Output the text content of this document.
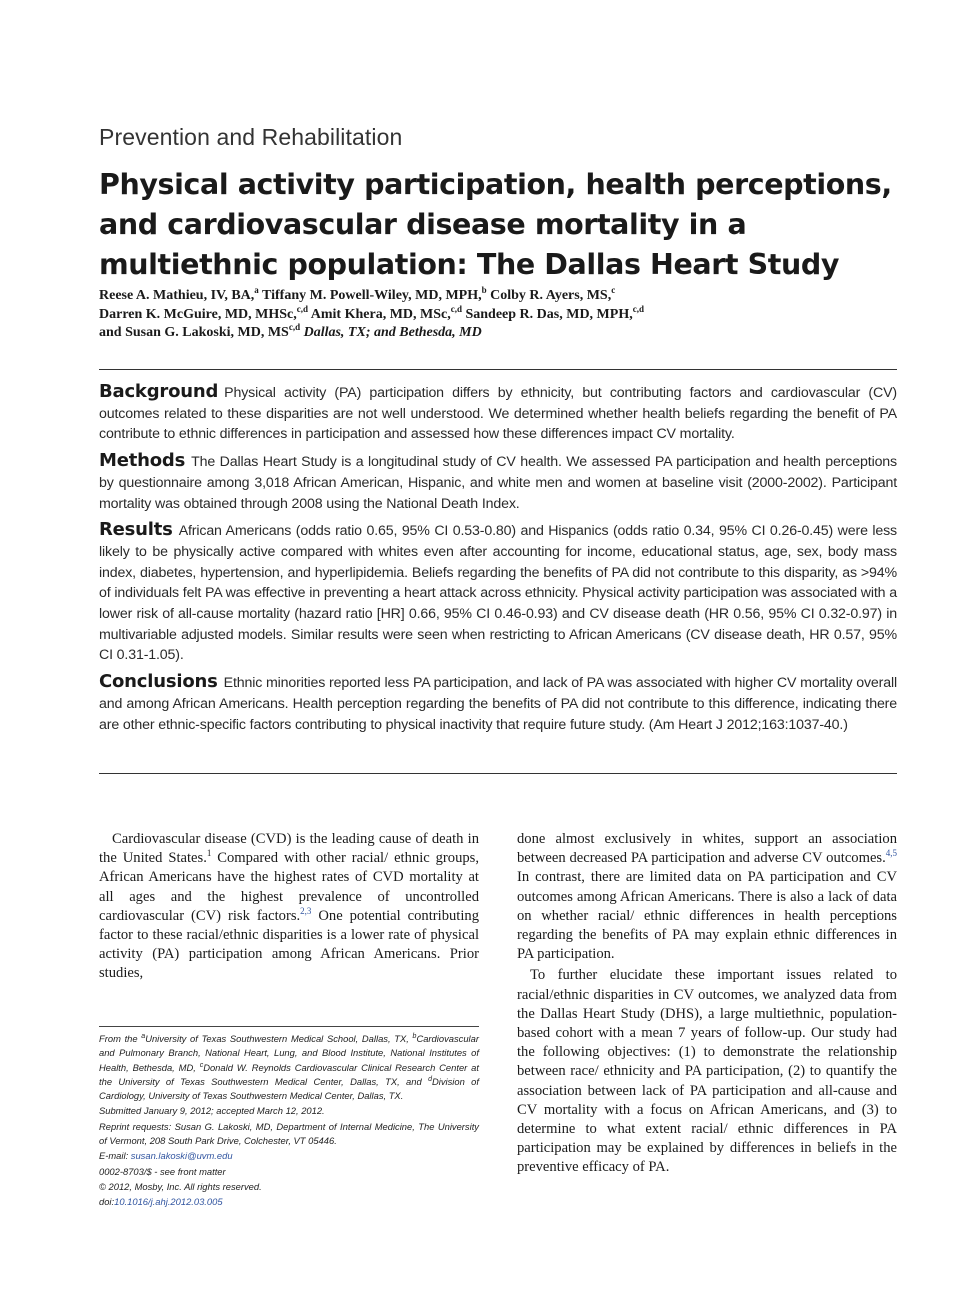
Prevention and Rehabilitation
Physical activity participation, health perceptions, and cardiovascular disease mortality in a multiethnic population: The Dallas Heart Study
Reese A. Mathieu, IV, BA,$^a$ Tiffany M. Powell-Wiley, MD, MPH,$^b$ Colby R. Ayers, MS,$^c$
Darren K. McGuire, MD, MHSc,$^{c,d}$ Amit Khera, MD, MSc,$^{c,d}$ Sandeep R. Das, MD, MPH,$^{c,d}$
and Susan G. Lakoski, MD, MS$^{c,d}$ Dallas, TX; and Bethesda, MD

Background Physical activity (PA) participation differs by ethnicity, but contributing factors and cardiovascular (CV) outcomes related to these disparities are not well understood. We determined whether health beliefs regarding the benefit of PA contribute to ethnic differences in participation and assessed how these differences impact CV mortality.

Methods The Dallas Heart Study is a longitudinal study of CV health. We assessed PA participation and health perceptions by questionnaire among 3,018 African American, Hispanic, and white men and women at baseline visit (2000-2002). Participant mortality was obtained through 2008 using the National Death Index.

Results African Americans (odds ratio 0.65, 95% CI 0.53-0.80) and Hispanics (odds ratio 0.34, 95% CI 0.26-0.45) were less likely to be physically active compared with whites even after accounting for income, educational status, age, sex, body mass index, diabetes, hypertension, and hyperlipidemia. Beliefs regarding the benefits of PA did not contribute to this disparity, as >94% of individuals felt PA was effective in preventing a heart attack across ethnicity. Physical activity participation was associated with a lower risk of all-cause mortality (hazard ratio [HR] 0.66, 95% CI 0.46-0.93) and CV disease death (HR 0.56, 95% CI 0.32-0.97) in multivariable adjusted models. Similar results were seen when restricting to African Americans (CV disease death, HR 0.57, 95% CI 0.31-1.05).

Conclusions Ethnic minorities reported less PA participation, and lack of PA was associated with higher CV mortality overall and among African Americans. Health perception regarding the benefits of PA did not contribute to this difference, indicating there are other ethnic-specific factors contributing to physical inactivity that require future study. (Am Heart J 2012;163:1037-40.)

Cardiovascular disease (CVD) is the leading cause of death in the United States.$^1$ Compared with other racial/ ethnic groups, African Americans have the highest rates of CVD mortality at all ages and the highest prevalence of uncontrolled cardiovascular (CV) risk factors.$^{2,3}$ One potential contributing factor to these racial/ethnic disparities is a lower rate of physical activity (PA) participation among African Americans. Prior studies,

From the $^a$University of Texas Southwestern Medical School, Dallas, TX, $^b$Cardiovascular and Pulmonary Branch, National Heart, Lung, and Blood Institute, National Institutes of Health, Bethesda, MD, $^c$Donald W. Reynolds Cardiovascular Clinical Research Center at the University of Texas Southwestern Medical Center, Dallas, TX, and $^d$Division of Cardiology, University of Texas Southwestern Medical Center, Dallas, TX.

Submitted January 9, 2012; accepted March 12, 2012.

Reprint requests: Susan G. Lakoski, MD, Department of Internal Medicine, The University of Vermont, 208 South Park Drive, Colchester, VT 05446.

E-mail: susan.lakoski@uvm.edu

0002-8703/$ - see front matter

© 2012, Mosby, Inc. All rights reserved.

doi:10.1016/j.ahj.2012.03.005

done almost exclusively in whites, support an association between decreased PA participation and adverse CV outcomes.$^{4,5}$ In contrast, there are limited data on PA participation and CV outcomes among African Americans. There is also a lack of data on whether racial/ ethnic differences in health perceptions regarding the benefits of PA may explain ethnic differences in PA participation.

To further elucidate these important issues related to racial/ethnic disparities in CV outcomes, we analyzed data from the Dallas Heart Study (DHS), a large multiethnic, population-based cohort with a mean 7 years of follow-up. Our study had the following objectives: (1) to demonstrate the relationship between race/ ethnicity and PA participation, (2) to quantify the association between lack of PA participation and all-cause and CV mortality with a focus on African Americans, and (3) to determine to what extent racial/ ethnic differences in PA participation may be explained by differences in beliefs in the preventive efficacy of PA.
